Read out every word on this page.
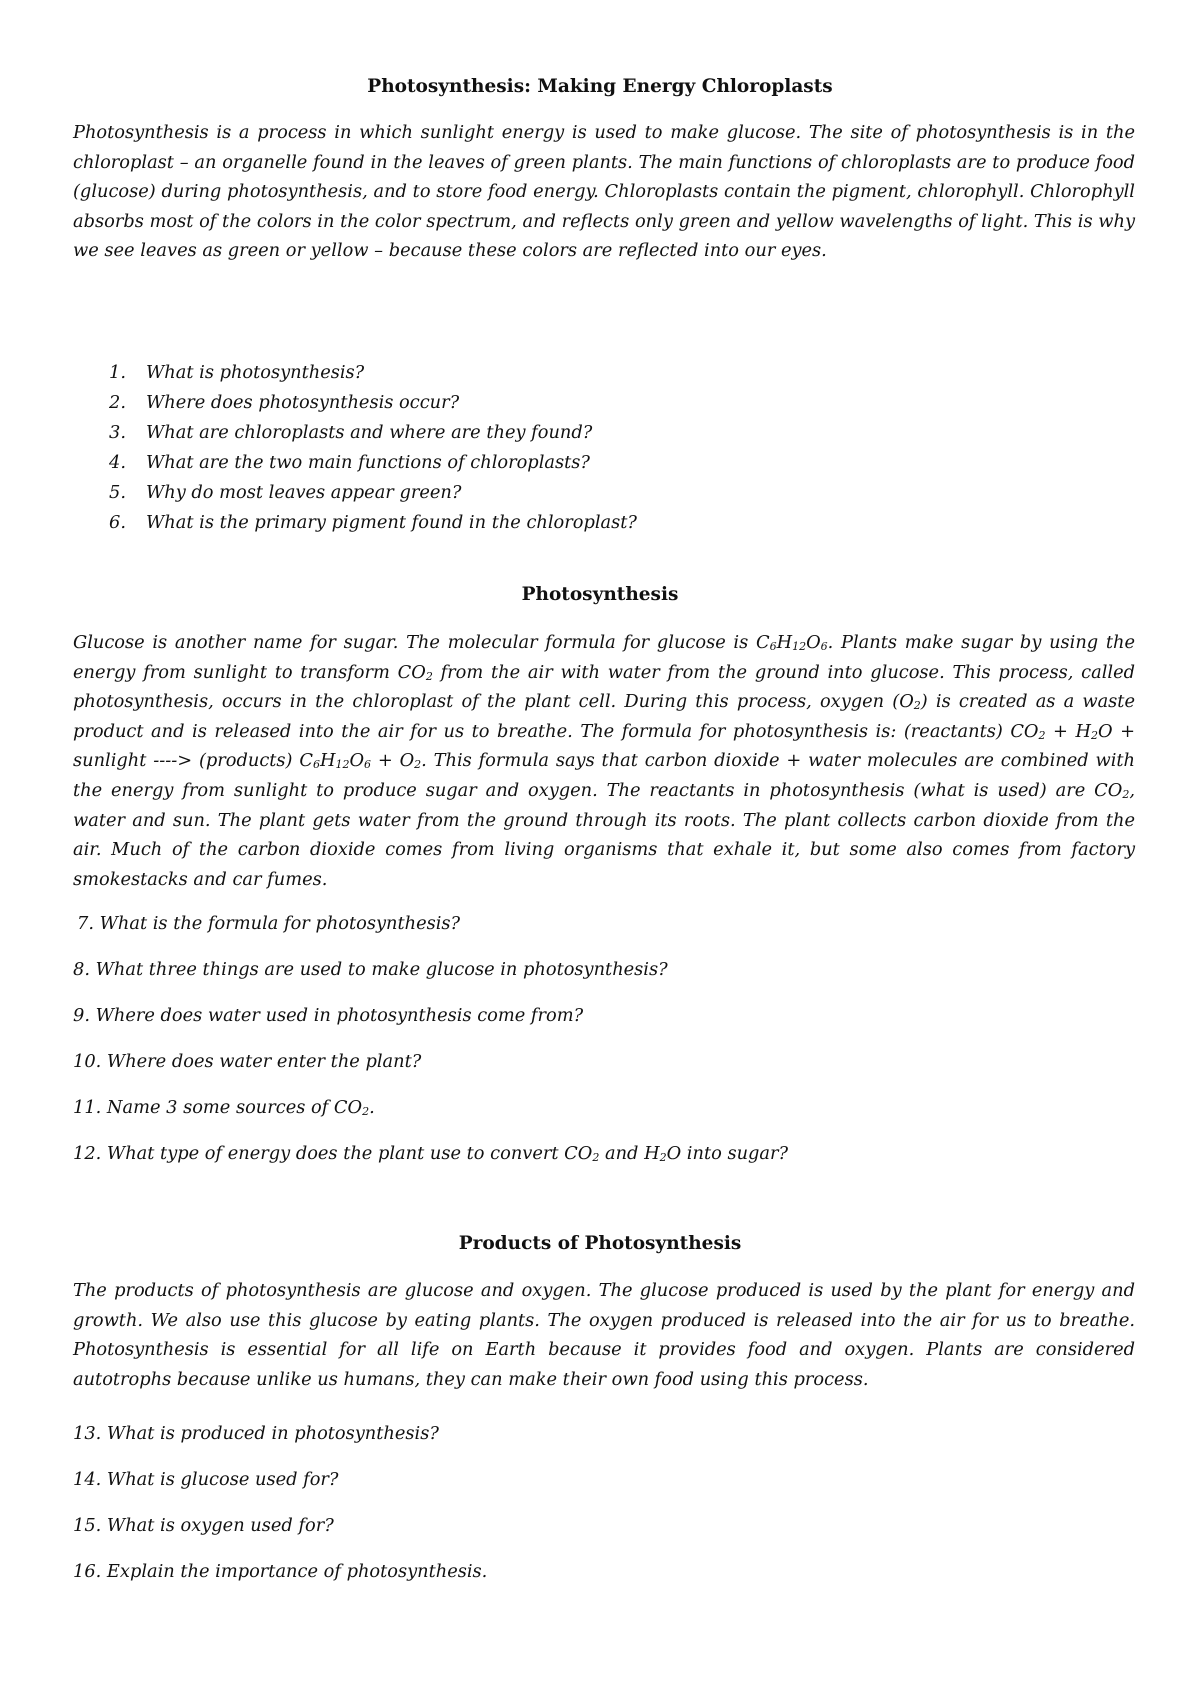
Photosynthesis: Making Energy Chloroplasts

Photosynthesis is a process in which sunlight energy is used to make glucose. The site of photosynthesis is in the chloroplast – an organelle found in the leaves of green plants. The main functions of chloroplasts are to produce food (glucose) during photosynthesis, and to store food energy. Chloroplasts contain the pigment, chlorophyll. Chlorophyll absorbs most of the colors in the color spectrum, and reflects only green and yellow wavelengths of light. This is why we see leaves as green or yellow – because these colors are reflected into our eyes.

1. What is photosynthesis?
2. Where does photosynthesis occur?
3. What are chloroplasts and where are they found?
4. What are the two main functions of chloroplasts?
5. Why do most leaves appear green?
6. What is the primary pigment found in the chloroplast?
Photosynthesis

Glucose is another name for sugar. The molecular formula for glucose is $C_6H_{12}O_6$. Plants make sugar by using the energy from sunlight to transform $CO_2$ from the air with water from the ground into glucose. This process, called photosynthesis, occurs in the chloroplast of the plant cell. During this process, oxygen $(O_2)$ is created as a waste product and is released into the air for us to breathe. The formula for photosynthesis is: (reactants) $CO_2 + H_2O$ + sunlight ----> (products) $C_6H_{12}O_6 + O_2$. This formula says that carbon dioxide + water molecules are combined with the energy from sunlight to produce sugar and oxygen. The reactants in photosynthesis (what is used) are $CO_2$, water and sun. The plant gets water from the ground through its roots. The plant collects carbon dioxide from the air. Much of the carbon dioxide comes from living organisms that exhale it, but some also comes from factory smokestacks and car fumes.

7. What is the formula for photosynthesis?

8. What three things are used to make glucose in photosynthesis?

9. Where does water used in photosynthesis come from?

10. Where does water enter the plant?

11. Name 3 some sources of $CO_2$.

12. What type of energy does the plant use to convert $CO_2$ and $H_2O$ into sugar?

Products of Photosynthesis

The products of photosynthesis are glucose and oxygen. The glucose produced is used by the plant for energy and growth. We also use this glucose by eating plants. The oxygen produced is released into the air for us to breathe. Photosynthesis is essential for all life on Earth because it provides food and oxygen. Plants are considered autotrophs because unlike us humans, they can make their own food using this process.

13. What is produced in photosynthesis?

14. What is glucose used for?

15. What is oxygen used for?

16. Explain the importance of photosynthesis.
